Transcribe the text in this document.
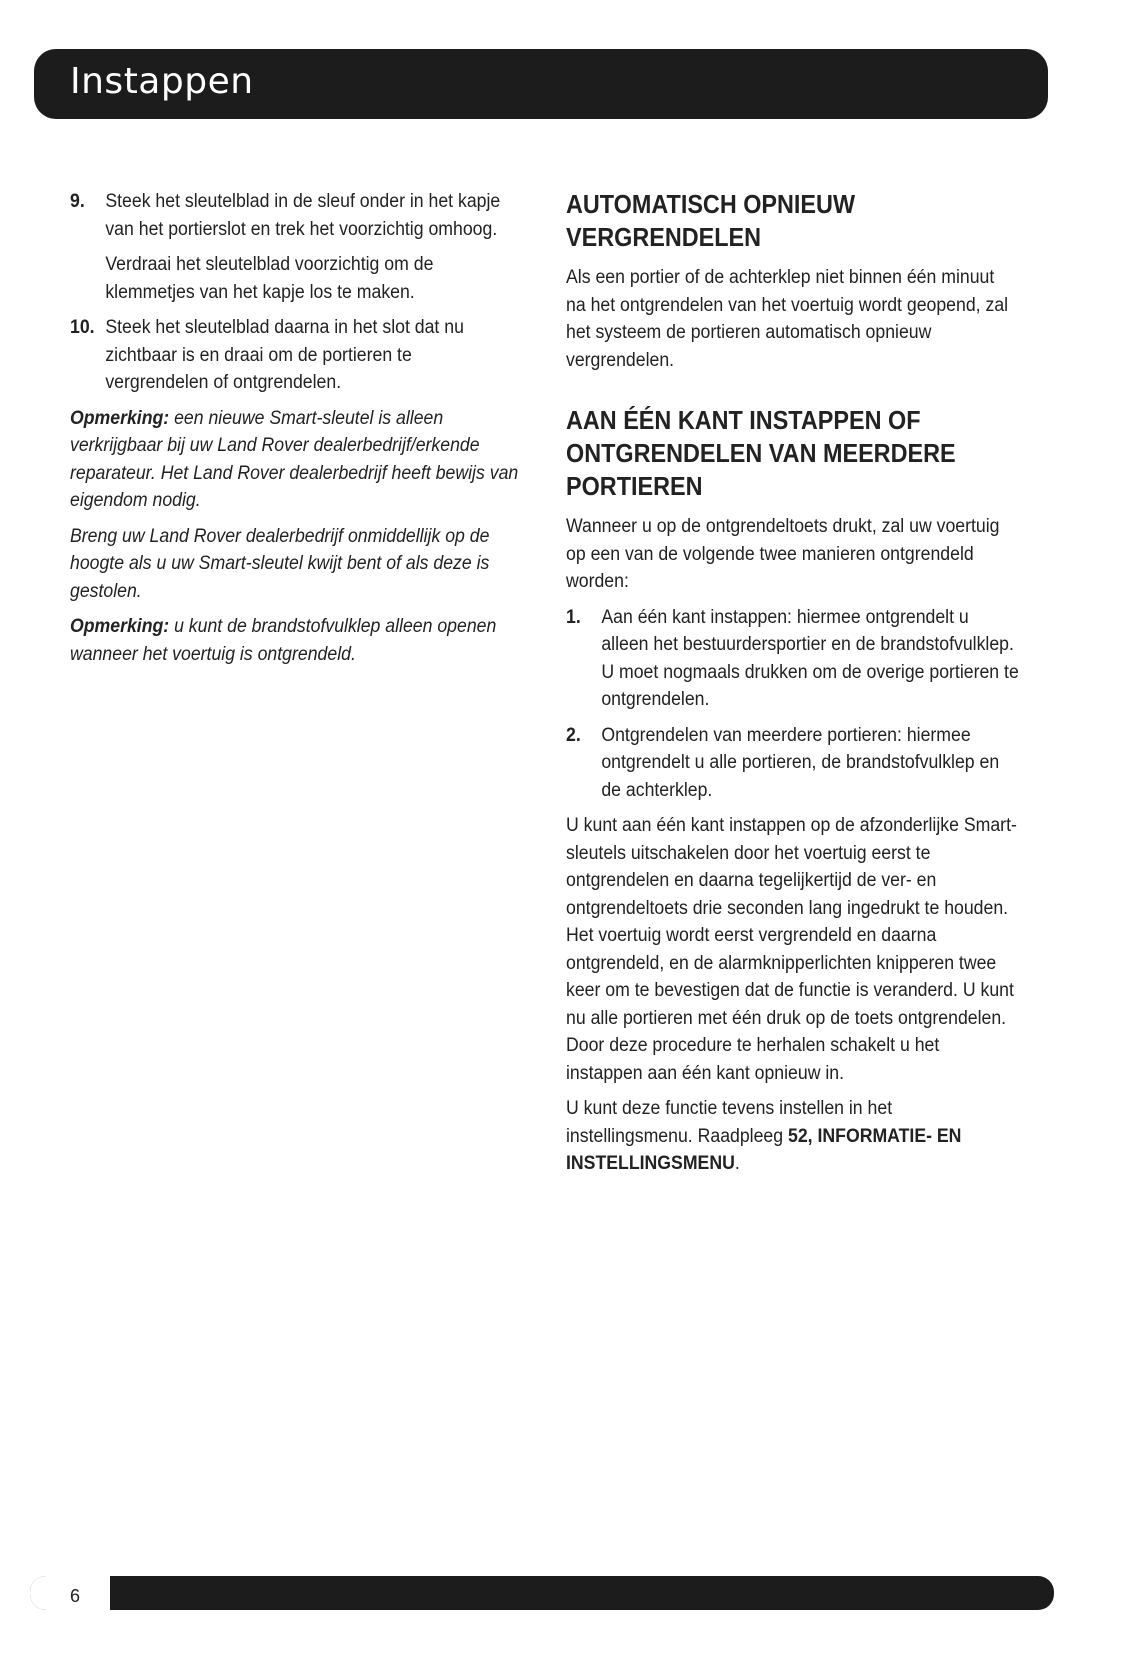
Instappen
9. Steek het sleutelblad in de sleuf onder in het kapje van het portierslot en trek het voorzichtig omhoog.

Verdraai het sleutelblad voorzichtig om de klemmetjes van het kapje los te maken.

10. Steek het sleutelblad daarna in het slot dat nu zichtbaar is en draai om de portieren te vergrendelen of ontgrendelen.

Opmerking: een nieuwe Smart-sleutel is alleen verkrijgbaar bij uw Land Rover dealerbedrijf/erkende reparateur. Het Land Rover dealerbedrijf heeft bewijs van eigendom nodig.

Breng uw Land Rover dealerbedrijf onmiddellijk op de hoogte als u uw Smart-sleutel kwijt bent of als deze is gestolen.

Opmerking: u kunt de brandstofvulklep alleen openen wanneer het voertuig is ontgrendeld.

AUTOMATISCH OPNIEUW VERGRENDELEN

Als een portier of de achterklep niet binnen één minuut na het ontgrendelen van het voertuig wordt geopend, zal het systeem de portieren automatisch opnieuw vergrendelen.

AAN ÉÉN KANT INSTAPPEN OF ONTGRENDELEN VAN MEERDERE PORTIEREN

Wanneer u op de ontgrendeltoets drukt, zal uw voertuig op een van de volgende twee manieren ontgrendeld worden:

1. Aan één kant instappen: hiermee ontgrendelt u alleen het bestuurdersportier en de brandstofvulklep. U moet nogmaals drukken om de overige portieren te ontgrendelen.

2. Ontgrendelen van meerdere portieren: hiermee ontgrendelt u alle portieren, de brandstofvulklep en de achterklep.

U kunt aan één kant instappen op de afzonderlijke Smart-sleutels uitschakelen door het voertuig eerst te ontgrendelen en daarna tegelijkertijd de ver- en ontgrendeltoets drie seconden lang ingedrukt te houden. Het voertuig wordt eerst vergrendeld en daarna ontgrendeld, en de alarmknipperlichten knipperen twee keer om te bevestigen dat de functie is veranderd. U kunt nu alle portieren met één druk op de toets ontgrendelen. Door deze procedure te herhalen schakelt u het instappen aan één kant opnieuw in.

U kunt deze functie tevens instellen in het instellingsmenu. Raadpleeg 52, INFORMATIE- EN INSTELLINGSMENU.

6
